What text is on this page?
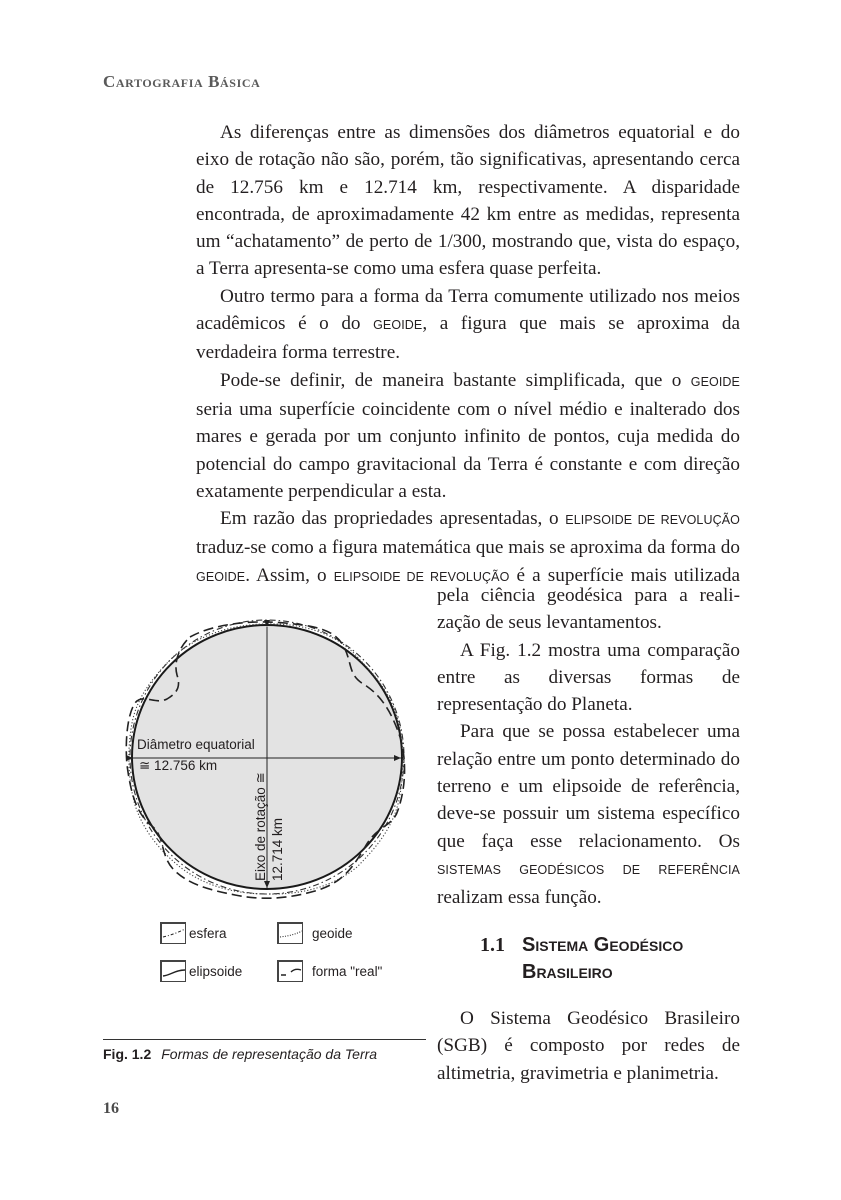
Cartografia Básica

As diferenças entre as dimensões dos diâmetros equatorial e do eixo de rotação não são, porém, tão significativas, apresentando cerca de 12.756 km e 12.714 km, respectivamente. A disparidade encontrada, de aproximadamente 42 km entre as medidas, representa um “achatamento” de perto de 1/300, mostrando que, vista do espaço, a Terra apresenta-se como uma esfera quase perfeita.

Outro termo para a forma da Terra comumente utilizado nos meios acadêmicos é o do GEOIDE, a figura que mais se aproxima da verdadeira forma terrestre.

Pode-se definir, de maneira bastante simplificada, que o GEOIDE seria uma superfície coincidente com o nível médio e inalterado dos mares e gerada por um conjunto infinito de pontos, cuja medida do potencial do campo gravitacional da Terra é constante e com direção exatamente perpendicular a esta.

Em razão das propriedades apresentadas, o ELIPSOIDE DE REVOLUÇÃO traduz-se como a figura matemática que mais se aproxima da forma do GEOIDE. Assim, o ELIPSOIDE DE REVOLUÇÃO é a superfície mais utilizada

pela ciência geodésica para a realização de seus levantamentos.

A Fig. 1.2 mostra uma comparação entre as diversas formas de representação do Planeta.

Para que se possa estabelecer uma relação entre um ponto determinado do terreno e um elipsoide de referência, deve-se possuir um sistema específico que faça esse relacionamento. Os SISTEMAS GEODÉSICOS DE REFERÊNCIA realizam essa função.

1.1 Sistema Geodésico
Brasileiro

O Sistema Geodésico Brasileiro (SGB) é composto por redes de altimetria, gravimetria e planimetria.

Diâmetro equatorial
≅ 12.756 km
Eixo de rotação ≅ 12.714 km
esfera	geoide
elipsoide	forma "real"
Fig. 1.2 Formas de representação da Terra
16
